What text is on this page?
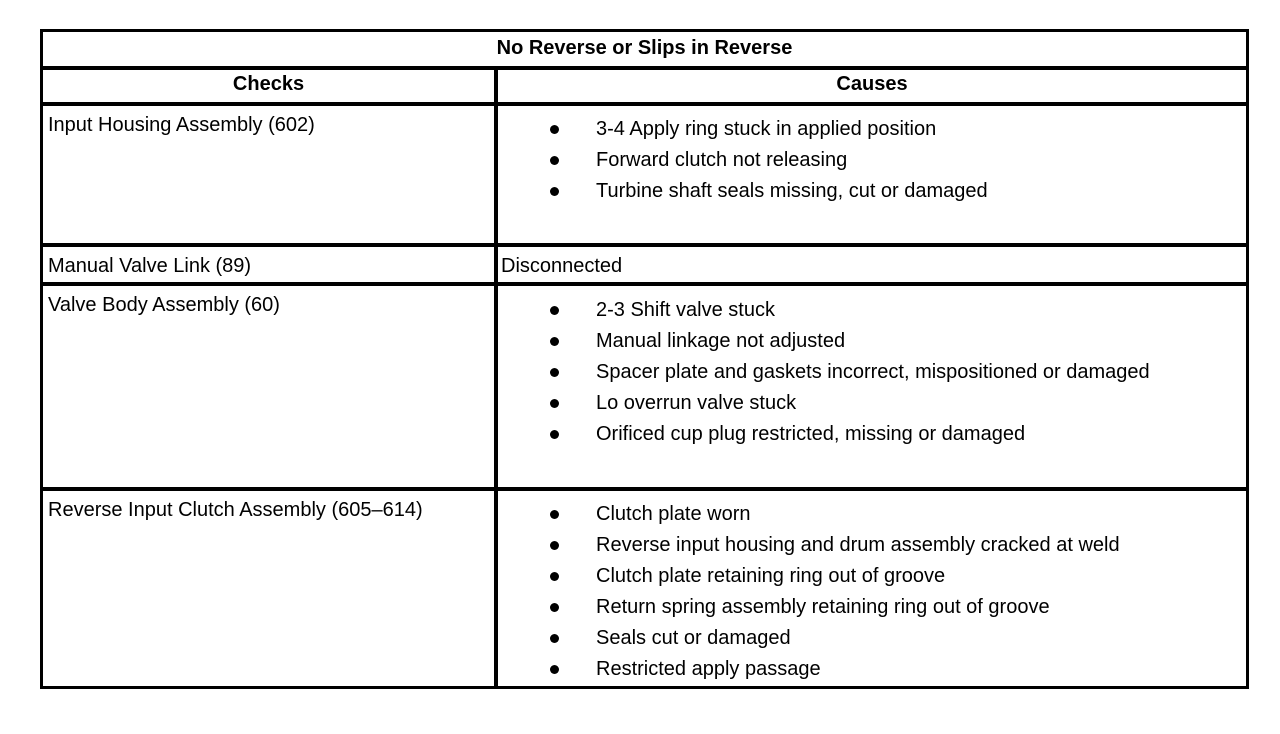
No Reverse or Slips in Reverse
Checks	Causes
Input Housing Assembly (602)	3-4 Apply ring stuck in applied position
Forward clutch not releasing
Turbine shaft seals missing, cut or damaged
Manual Valve Link (89)	Disconnected
Valve Body Assembly (60)	2-3 Shift valve stuck
Manual linkage not adjusted
Spacer plate and gaskets incorrect, mispositioned or damaged
Lo overrun valve stuck
Orificed cup plug restricted, missing or damaged
Reverse Input Clutch Assembly (605–614)	Clutch plate worn
Reverse input housing and drum assembly cracked at weld
Clutch plate retaining ring out of groove
Return spring assembly retaining ring out of groove
Seals cut or damaged
Restricted apply passage
